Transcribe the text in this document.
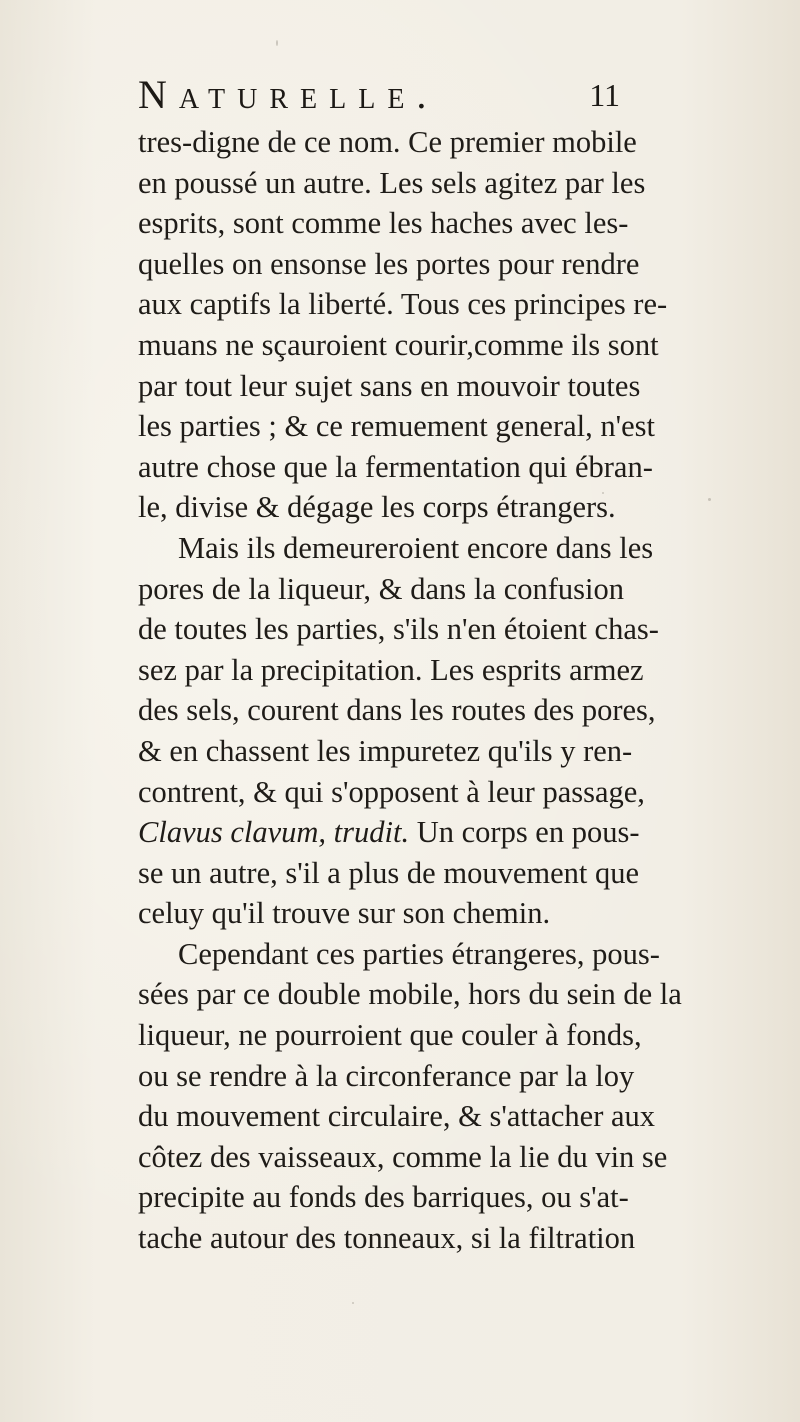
Naturelle.	11
tres-digne de ce nom. Ce premier mobile
en poussé un autre. Les sels agitez par les
esprits, sont comme les haches avec les-
quelles on ensonse les portes pour rendre
aux captifs la liberté. Tous ces principes re-
muans ne sçauroient courir,comme ils sont
par tout leur sujet sans en mouvoir toutes
les parties ; & ce remuement general, n'est
autre chose que la fermentation qui ébran-
le, divise & dégage les corps étrangers.
Mais ils demeureroient encore dans les
pores de la liqueur, & dans la confusion
de toutes les parties, s'ils n'en étoient chas-
sez par la precipitation. Les esprits armez
des sels, courent dans les routes des pores,
& en chassent les impuretez qu'ils y ren-
contrent, & qui s'opposent à leur passage,
Clavus clavum, trudit. Un corps en pous-
se un autre, s'il a plus de mouvement que
celuy qu'il trouve sur son chemin.
Cependant ces parties étrangeres, pous-
sées par ce double mobile, hors du sein de la
liqueur, ne pourroient que couler à fonds,
ou se rendre à la circonferance par la loy
du mouvement circulaire, & s'attacher aux
côtez des vaisseaux, comme la lie du vin se
precipite au fonds des barriques, ou s'at-
tache autour des tonneaux, si la filtration
